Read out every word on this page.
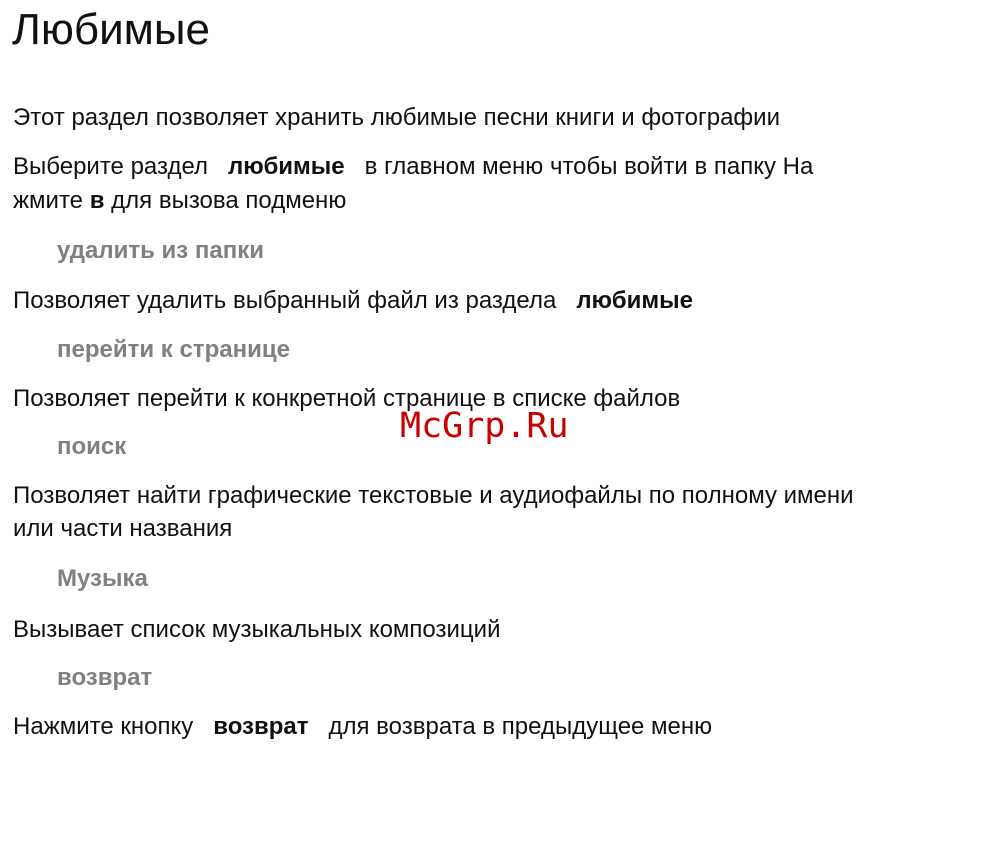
Любимые

Этот раздел позволяет хранить любимые песни книги и фотографии

Выберите раздел любимые в главном меню чтобы войти в папку На

жмите в для вызова подменю

удалить из папки

Позволяет удалить выбранный файл из раздела любимые

перейти к странице

Позволяет перейти к конкретной странице в списке файлов

поиск

Позволяет найти графические текстовые и аудиофайлы по полному имени

или части названия

Музыка

Вызывает список музыкальных композиций

возврат

Нажмите кнопку возврат для возврата в предыдущее меню

McGrp.Ru
